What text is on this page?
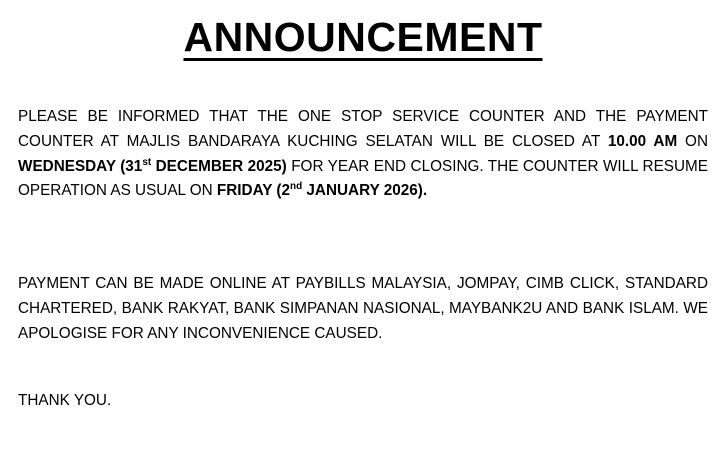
ANNOUNCEMENT

PLEASE BE INFORMED THAT THE ONE STOP SERVICE COUNTER AND THE PAYMENT COUNTER AT MAJLIS BANDARAYA KUCHING SELATAN WILL BE CLOSED AT 10.00 AM ON WEDNESDAY (31st DECEMBER 2025) FOR YEAR END CLOSING. THE COUNTER WILL RESUME OPERATION AS USUAL ON FRIDAY (2nd JANUARY 2026).

PAYMENT CAN BE MADE ONLINE AT PAYBILLS MALAYSIA, JOMPAY, CIMB CLICK, STANDARD CHARTERED, BANK RAKYAT, BANK SIMPANAN NASIONAL, MAYBANK2U AND BANK ISLAM. WE APOLOGISE FOR ANY INCONVENIENCE CAUSED.

THANK YOU.
